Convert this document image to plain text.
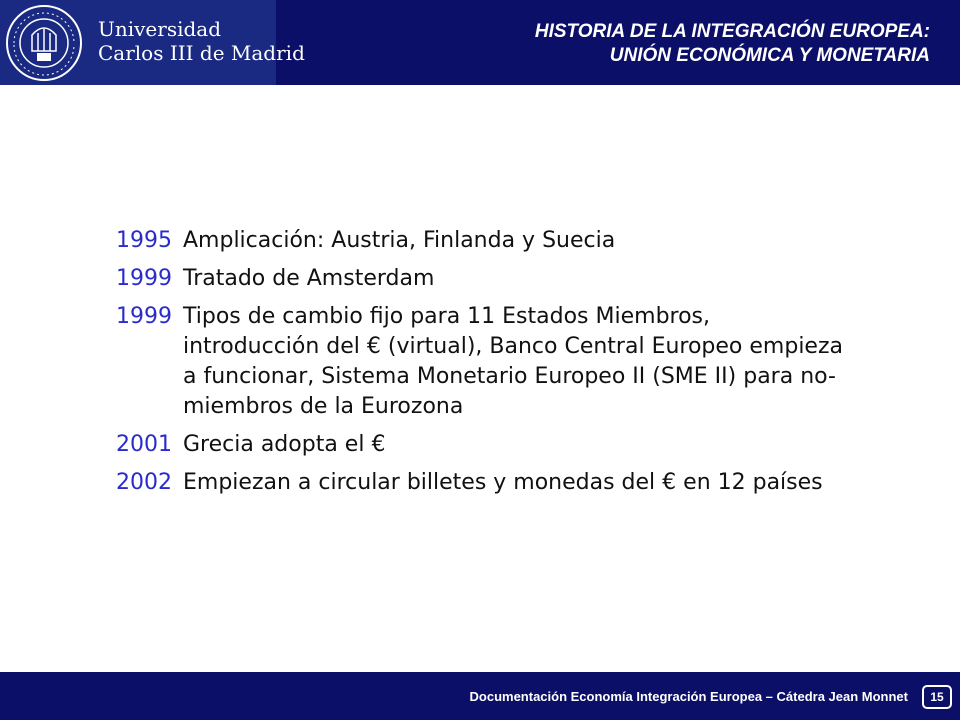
Universidad
Carlos III de Madrid
HISTORIA DE LA INTEGRACIÓN EUROPEA:
UNIÓN ECONÓMICA Y MONETARIA
1995 Amplicación: Austria, Finlanda y Suecia
1999 Tratado de Amsterdam
1999 Tipos de cambio fijo para 11 Estados Miembros, introducción del € (virtual), Banco Central Europeo empieza a funcionar, Sistema Monetario Europeo II (SME II) para no-miembros de la Eurozona
2001 Grecia adopta el €
2002 Empiezan a circular billetes y monedas del € en 12 países
Documentación Economía Integración Europea – Cátedra Jean Monnet	15
